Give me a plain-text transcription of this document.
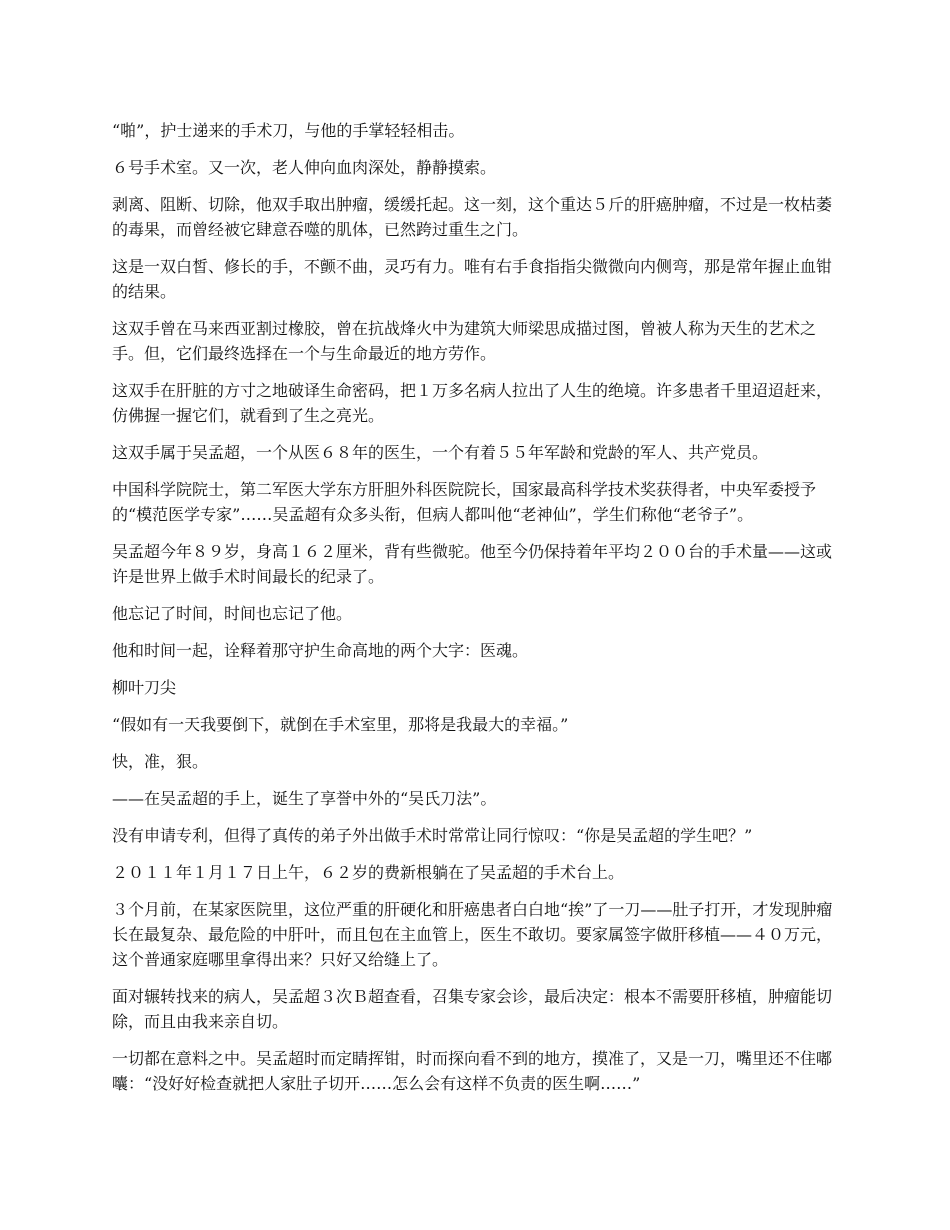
“啪”，护士递来的手术刀，与他的手掌轻轻相击。

６号手术室。又一次，老人伸向血肉深处，静静摸索。

剥离、阻断、切除，他双手取出肿瘤，缓缓托起。这一刻，这个重达５斤的肝癌肿瘤，不过是一枚枯萎的毒果，而曾经被它肆意吞噬的肌体，已然跨过重生之门。

这是一双白皙、修长的手，不颤不曲，灵巧有力。唯有右手食指指尖微微向内侧弯，那是常年握止血钳的结果。

这双手曾在马来西亚割过橡胶，曾在抗战烽火中为建筑大师梁思成描过图，曾被人称为天生的艺术之手。但，它们最终选择在一个与生命最近的地方劳作。

这双手在肝脏的方寸之地破译生命密码，把１万多名病人拉出了人生的绝境。许多患者千里迢迢赶来，仿佛握一握它们，就看到了生之亮光。

这双手属于吴孟超，一个从医６８年的医生，一个有着５５年军龄和党龄的军人、共产党员。

中国科学院院士，第二军医大学东方肝胆外科医院院长，国家最高科学技术奖获得者，中央军委授予的“模范医学专家”……吴孟超有众多头衔，但病人都叫他“老神仙”，学生们称他“老爷子”。

吴孟超今年８９岁，身高１６２厘米，背有些微驼。他至今仍保持着年平均２００台的手术量——这或许是世界上做手术时间最长的纪录了。

他忘记了时间，时间也忘记了他。

他和时间一起，诠释着那守护生命高地的两个大字：医魂。

柳叶刀尖

“假如有一天我要倒下，就倒在手术室里，那将是我最大的幸福。”

快，准，狠。

——在吴孟超的手上，诞生了享誉中外的“吴氏刀法”。

没有申请专利，但得了真传的弟子外出做手术时常常让同行惊叹：“你是吴孟超的学生吧？”

２０１１年１月１７日上午，６２岁的费新根躺在了吴孟超的手术台上。

３个月前，在某家医院里，这位严重的肝硬化和肝癌患者白白地“挨”了一刀——肚子打开，才发现肿瘤长在最复杂、最危险的中肝叶，而且包在主血管上，医生不敢切。要家属签字做肝移植——４０万元，这个普通家庭哪里拿得出来？只好又给缝上了。

面对辗转找来的病人，吴孟超３次Ｂ超查看，召集专家会诊，最后决定：根本不需要肝移植，肿瘤能切除，而且由我来亲自切。

一切都在意料之中。吴孟超时而定睛挥钳，时而探向看不到的地方，摸准了，又是一刀，嘴里还不住嘟囔：“没好好检查就把人家肚子切开……怎么会有这样不负责的医生啊……”
